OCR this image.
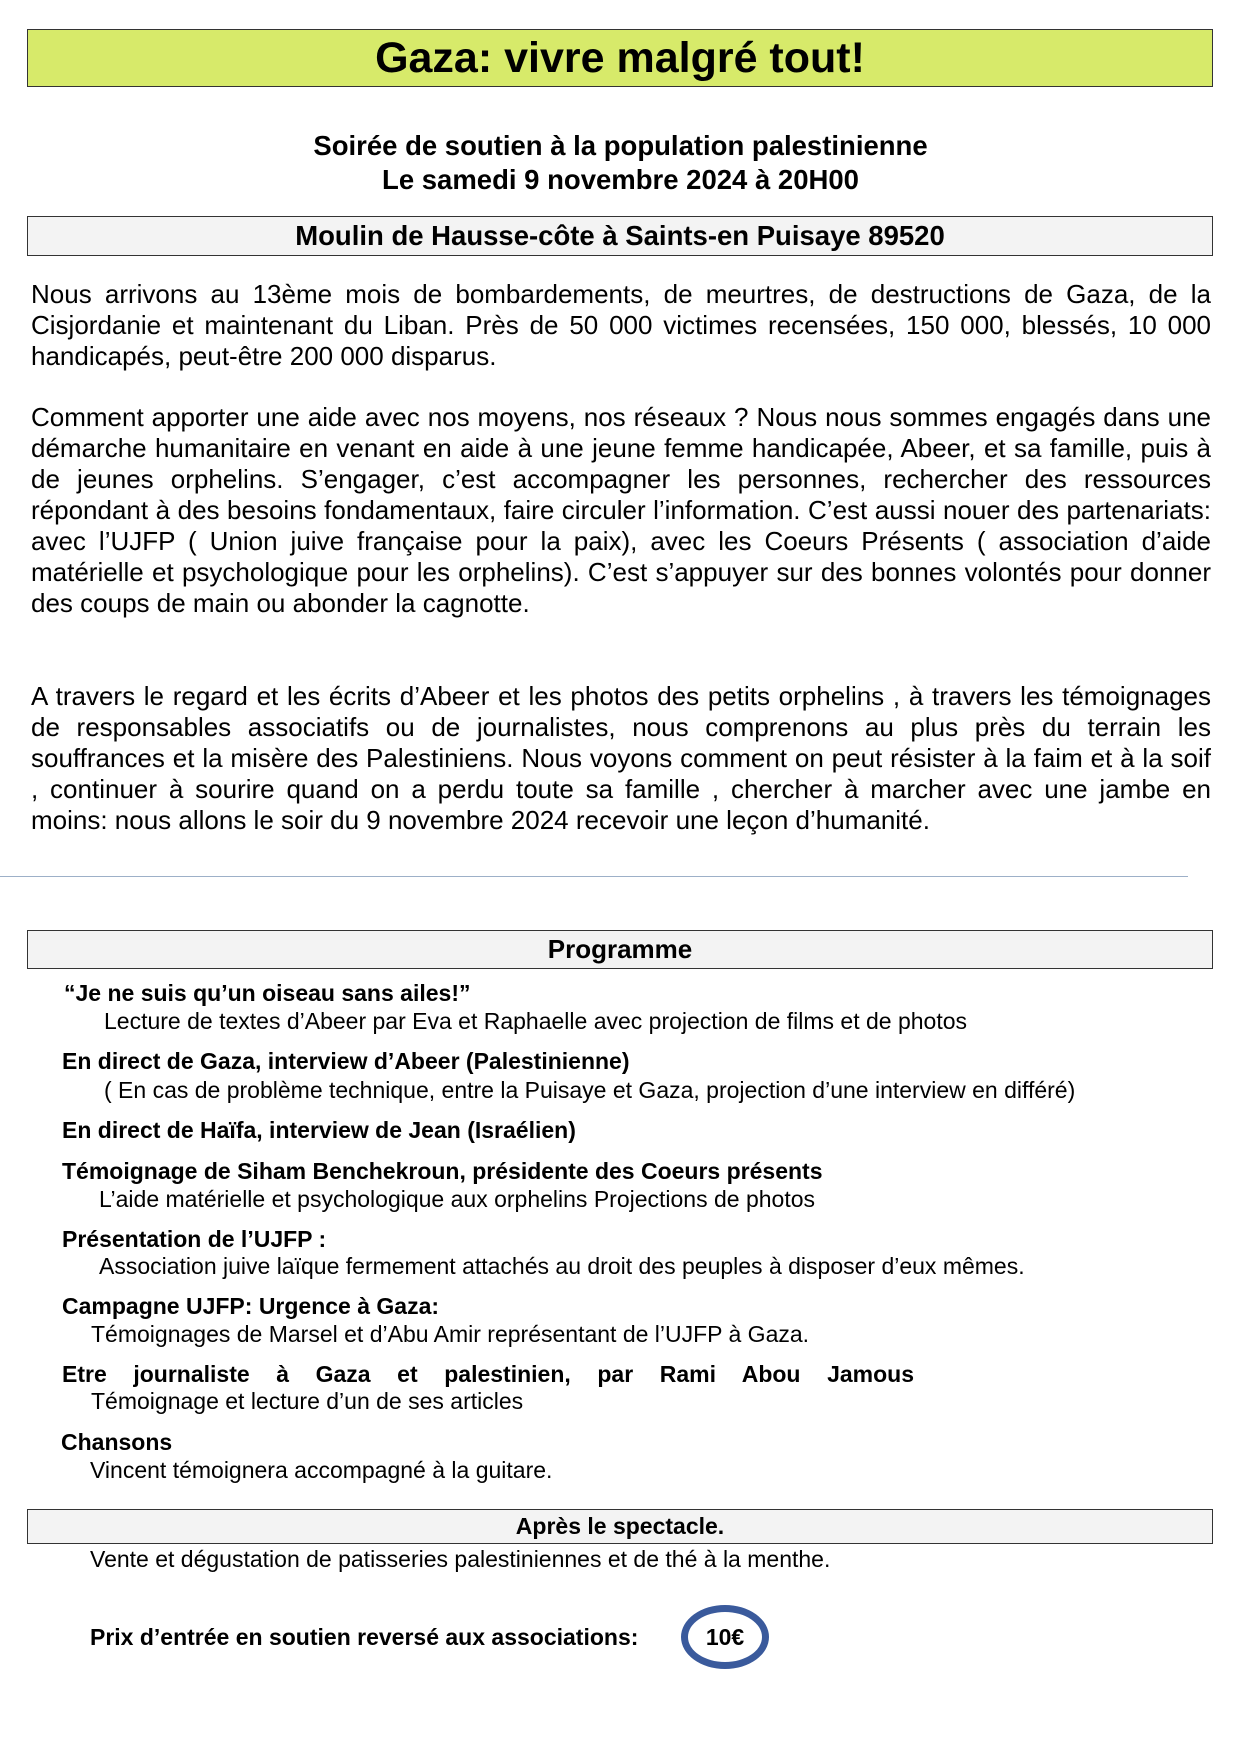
Gaza: vivre malgré tout!
Soirée de soutien à la population palestinienne
Le samedi 9 novembre 2024 à 20H00
Moulin de Hausse-côte à Saints-en Puisaye 89520

Nous arrivons au 13ème mois de bombardements, de meurtres, de destructions de Gaza, de la Cisjordanie et maintenant du Liban. Près de 50 000 victimes recensées, 150 000, blessés, 10 000 handicapés, peut-être 200 000 disparus.

Comment apporter une aide avec nos moyens, nos réseaux ? Nous nous sommes engagés dans une démarche humanitaire en venant en aide à une jeune femme handicapée, Abeer, et sa famille, puis à de jeunes orphelins. S’engager, c’est accompagner les personnes, rechercher des ressources répondant à des besoins fondamentaux, faire circuler l’information. C’est aussi nouer des partenariats: avec l’UJFP ( Union juive française pour la paix), avec les Coeurs Présents ( association d’aide matérielle et psychologique pour les orphelins). C’est s’appuyer sur des bonnes volontés pour donner des coups de main ou abonder la cagnotte.

A travers le regard et les écrits d’Abeer et les photos des petits orphelins , à travers les témoignages de responsables associatifs ou de journalistes, nous comprenons au plus près du terrain les souffrances et la misère des Palestiniens. Nous voyons comment on peut résister à la faim et à la soif , continuer à sourire quand on a perdu toute sa famille , chercher à marcher avec une jambe en moins: nous allons le soir du 9 novembre 2024 recevoir une leçon d’humanité.

Programme
“Je ne suis qu’un oiseau sans ailes!”
Lecture de textes d’Abeer par Eva et Raphaelle avec projection de films et de photos
En direct de Gaza, interview d’Abeer (Palestinienne)
( En cas de problème technique, entre la Puisaye et Gaza, projection d’une interview en différé)
En direct de Haïfa, interview de Jean (Israélien)
Témoignage de Siham Benchekroun, présidente des Coeurs présents
L’aide matérielle et psychologique aux orphelins Projections de photos
Présentation de l’UJFP :
Association juive laïque fermement attachés au droit des peuples à disposer d’eux mêmes.
Campagne UJFP: Urgence à Gaza:
Témoignages de Marsel et d’Abu Amir représentant de l’UJFP à Gaza.
Etre journaliste à Gaza et palestinien, par Rami Abou Jamous
Témoignage et lecture d’un de ses articles
Chansons
Vincent témoignera accompagné à la guitare.
Après le spectacle.
Vente et dégustation de patisseries palestiniennes et de thé à la menthe.
Prix d’entrée en soutien reversé aux associations:	10€
